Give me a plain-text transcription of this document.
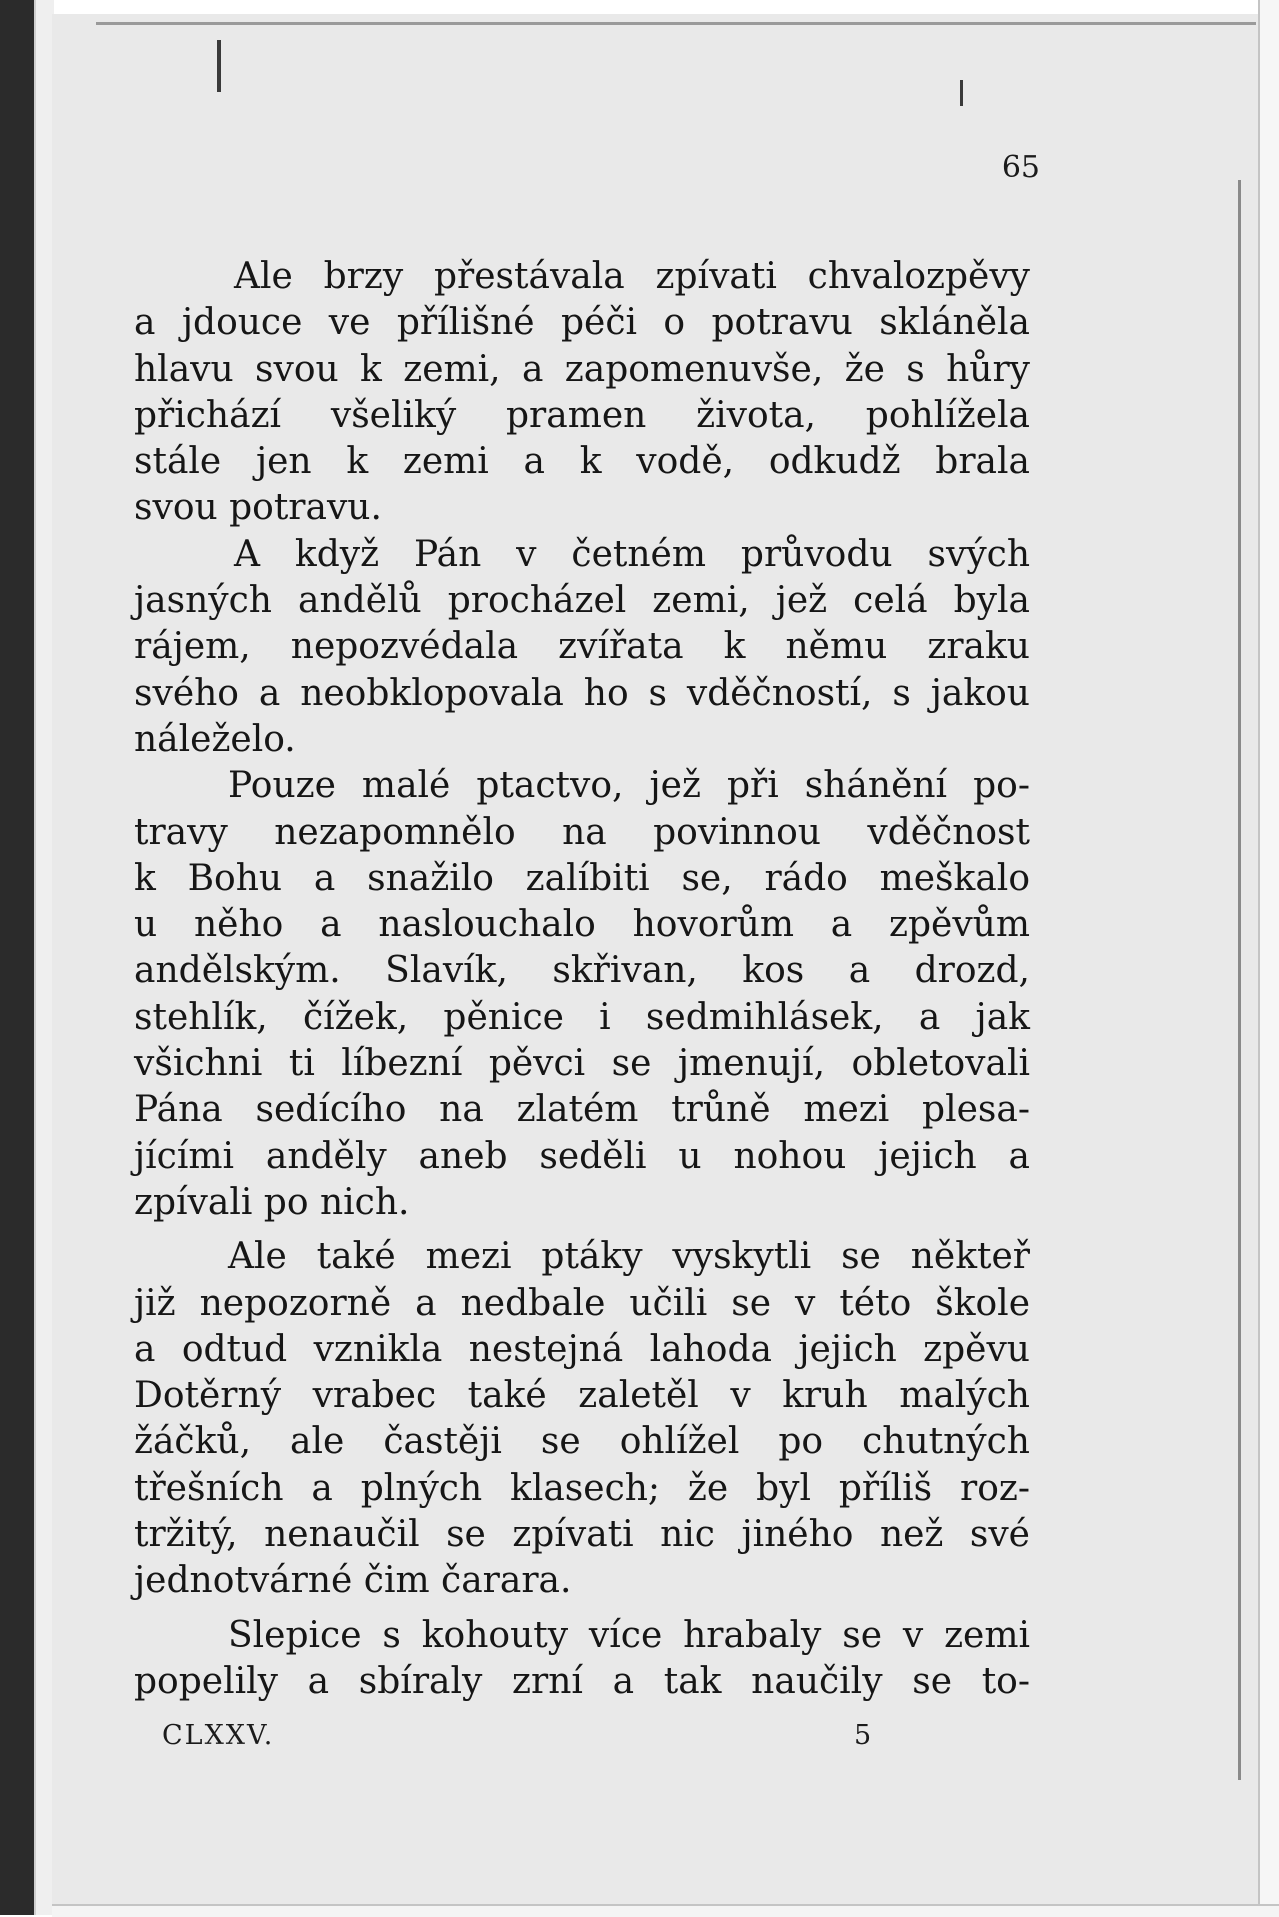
65
Ale brzy přestávala zpívati chvalozpěvy
a jdouce ve přílišné péči o potravu skláněla
hlavu svou k zemi, a zapomenuvše, že s hůry
přichází všeliký pramen života, pohlížela
stále jen k zemi a k vodě, odkudž brala
svou potravu.
A když Pán v četném průvodu svých
jasných andělů procházel zemi, jež celá byla
rájem, nepozvédala zvířata k němu zraku
svého a neobklopovala ho s vděčností, s jakou
náleželo.
Pouze malé ptactvo, jež při shánění po-
travy nezapomnělo na povinnou vděčnost
k Bohu a snažilo zalíbiti se, rádo meškalo
u něho a naslouchalo hovorům a zpěvům
andělským. Slavík, skřivan, kos a drozd,
stehlík, čížek, pěnice i sedmihlásek, a jak
všichni ti líbezní pěvci se jmenují, obletovali
Pána sedícího na zlatém trůně mezi plesa-
jícími anděly aneb seděli u nohou jejich a
zpívali po nich.
Ale také mezi ptáky vyskytli se někteř
již nepozorně a nedbale učili se v této škole
a odtud vznikla nestejná lahoda jejich zpěvu
Dotěrný vrabec také zaletěl v kruh malých
žáčků, ale častěji se ohlížel po chutných
třešních a plných klasech; že byl příliš roz-
tržitý, nenaučil se zpívati nic jiného než své
jednotvárné čim čarara.
Slepice s kohouty více hrabaly se v zemi
popelily a sbíraly zrní a tak naučily se to-
CLXXV.	5
